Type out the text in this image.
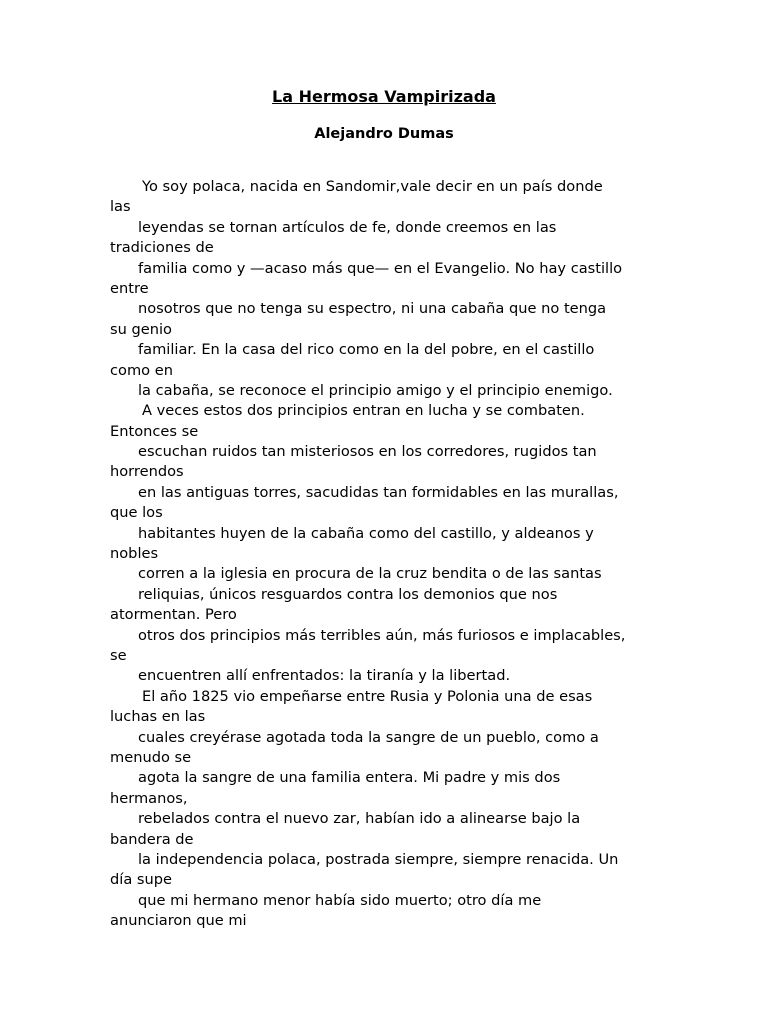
La Hermosa Vampirizada
Alejandro Dumas
Yo soy polaca, nacida en Sandomir,vale decir en un país donde
las
leyendas se tornan artículos de fe, donde creemos en las
tradiciones de
familia como y —acaso más que— en el Evangelio. No hay castillo
entre
nosotros que no tenga su espectro, ni una cabaña que no tenga
su genio
familiar. En la casa del rico como en la del pobre, en el castillo
como en
la cabaña, se reconoce el principio amigo y el principio enemigo.
A veces estos dos principios entran en lucha y se combaten.
Entonces se
escuchan ruidos tan misteriosos en los corredores, rugidos tan
horrendos
en las antiguas torres, sacudidas tan formidables en las murallas,
que los
habitantes huyen de la cabaña como del castillo, y aldeanos y
nobles
corren a la iglesia en procura de la cruz bendita o de las santas
reliquias, únicos resguardos contra los demonios que nos
atormentan. Pero
otros dos principios más terribles aún, más furiosos e implacables,
se
encuentren allí enfrentados: la tiranía y la libertad.
El año 1825 vio empeñarse entre Rusia y Polonia una de esas
luchas en las
cuales creyérase agotada toda la sangre de un pueblo, como a
menudo se
agota la sangre de una familia entera. Mi padre y mis dos
hermanos,
rebelados contra el nuevo zar, habían ido a alinearse bajo la
bandera de
la independencia polaca, postrada siempre, siempre renacida. Un
día supe
que mi hermano menor había sido muerto; otro día me
anunciaron que mi
